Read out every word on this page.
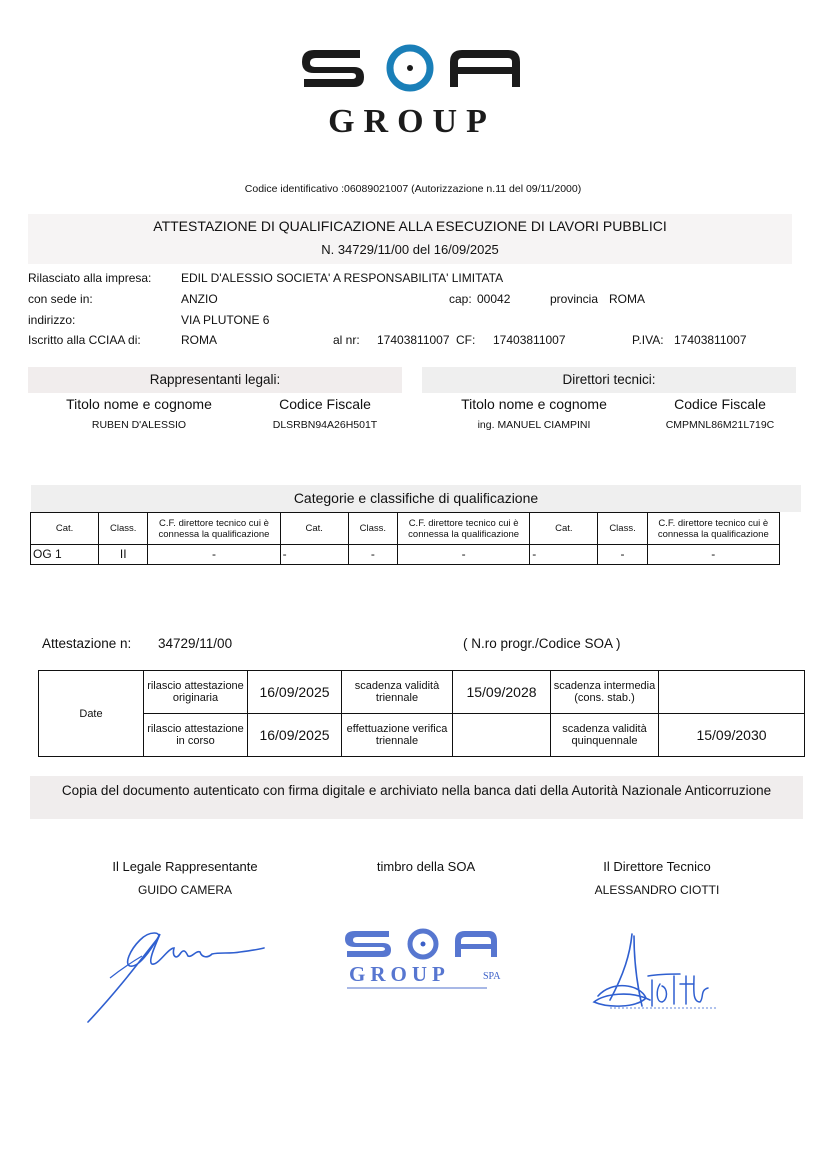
GROUP
Codice identificativo :06089021007 (Autorizzazione n.11 del 09/11/2000)
ATTESTAZIONE DI QUALIFICAZIONE ALLA ESECUZIONE DI LAVORI PUBBLICI
N. 34729/11/00 del 16/09/2025
Rilasciato alla impresa: EDIL D'ALESSIO SOCIETA' A RESPONSABILITA' LIMITATA
con sede in:	ANZIO	cap: 00042	provincia ROMA
indirizzo:	VIA PLUTONE 6
Iscritto alla CCIAA di:	ROMA	al nr: 17403811007 CF: 17403811007	P.IVA: 17403811007
Rappresentanti legali:
Titolo nome e cognome	Codice Fiscale
RUBEN D'ALESSIO	DLSRBN94A26H501T
Direttori tecnici:
Titolo nome e cognome	Codice Fiscale
ing. MANUEL CIAMPINI	CMPMNL86M21L719C
Categorie e classifiche di qualificazione
Cat.	Class.	C.F. direttore tecnico cui è connessa la qualificazione	Cat.	Class.	C.F. direttore tecnico cui è connessa la qualificazione	Cat.	Class.	C.F. direttore tecnico cui è connessa la qualificazione
OG 1	II	-	-	-	-	-	-	-
Attestazione n: 34729/11/00	( N.ro progr./Codice SOA )
Date	rilascio attestazione originaria	16/09/2025	scadenza validità triennale	15/09/2028	scadenza intermedia (cons. stab.)	
	rilascio attestazione in corso	16/09/2025	effettuazione verifica triennale		scadenza validità quinquennale	15/09/2030
Copia del documento autenticato con firma digitale e archiviato nella banca dati della Autorità Nazionale Anticorruzione
Il Legale Rappresentante
GUIDO CAMERA
timbro della SOA	Il Direttore Tecnico
ALESSANDRO CIOTTI
GROUP	SPA
